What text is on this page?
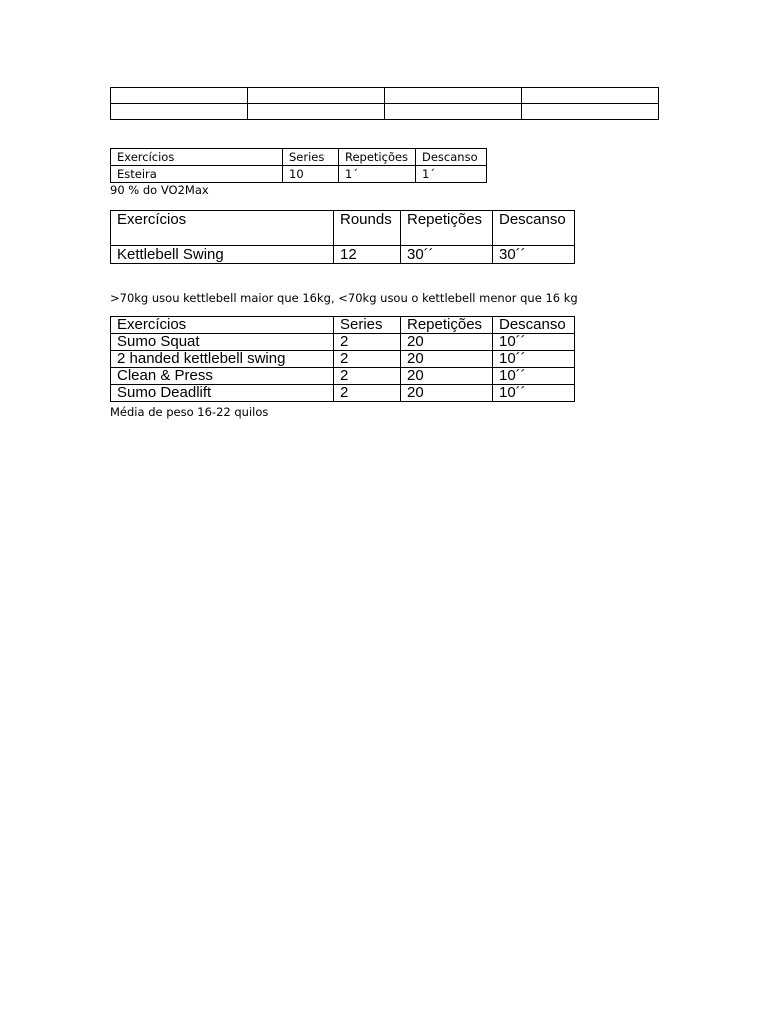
Exercícios	Series	Repetições	Descanso
Esteira	10	1´	1´

90 % do VO2Max

Exercícios	Rounds	Repetições	Descanso
Kettlebell Swing	12	30´´	30´´

>70kg usou kettlebell maior que 16kg, <70kg usou o kettlebell menor que 16 kg

Exercícios	Series	Repetições	Descanso
Sumo Squat	2	20	10´´
2 handed kettlebell swing	2	20	10´´
Clean & Press	2	20	10´´
Sumo Deadlift	2	20	10´´

Média de peso 16-22 quilos
